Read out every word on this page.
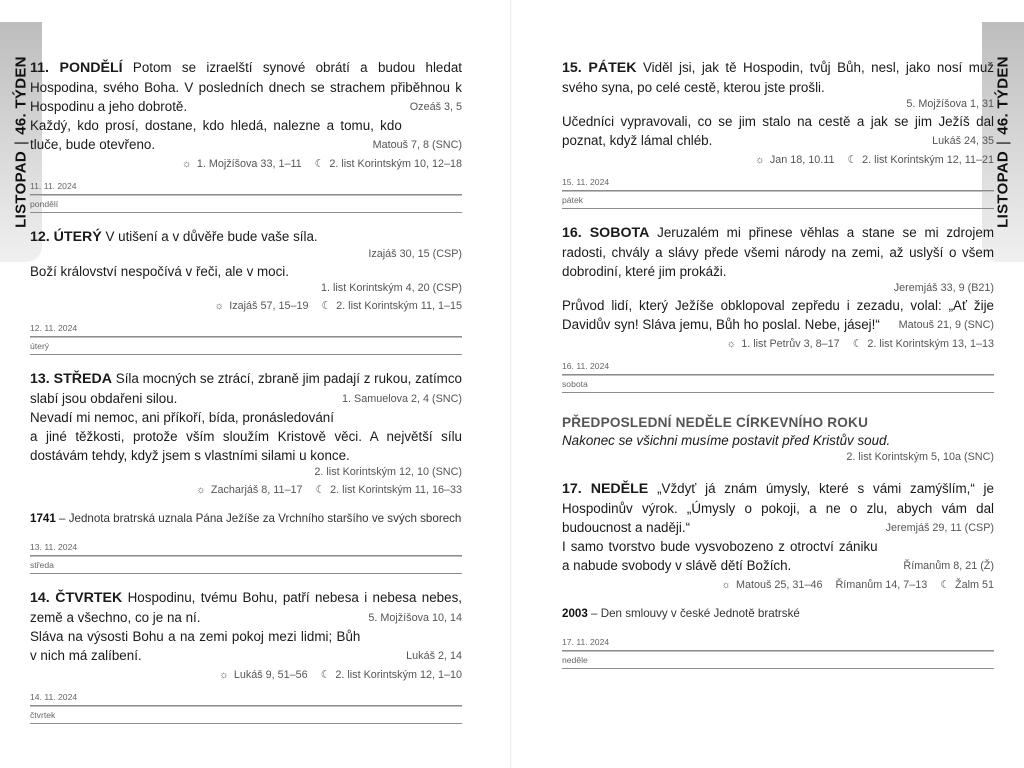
LISTOPAD|46. TÝDEN 11. PONDĚLÍ Potom se izraelští synové obrátí a budou hledat Hospodina, svého Boha. V posledních dnech se strachem přiběhnou k Hospodinu a jeho dobrotě.	Ozeáš 3, 5

Každý, kdo prosí, dostane, kdo hledá, nalezne a tomu, kdo tluče, bude otevřeno.	Matouš 7, 8 (SNC)

☼ 1. Mojžíšova 33, 1–11 ☾ 2. list Korintským 10, 12–18
11. 11. 2024
pondělí

12. ÚTERÝ V utišení a v důvěře bude vaše síla.

Izajáš 30, 15 (CSP)

Boží království nespočívá v řeči, ale v moci.

1. list Korintským 4, 20 (CSP)

☼ Izajáš 57, 15–19 ☾ 2. list Korintským 11, 1–15
12. 11. 2024
úterý

13. STŘEDA Síla mocných se ztrácí, zbraně jim padají z rukou, zatímco slabí jsou obdařeni silou.	1. Samuelova 2, 4 (SNC)

Nevadí mi nemoc, ani příkoří, bída, pronásledování a jiné těžkosti, protože vším sloužím Kristově věci. A největší sílu dostávám tehdy, když jsem s vlastními silami u konce.

2. list Korintským 12, 10 (SNC)

☼ Zacharjáš 8, 11–17 ☾ 2. list Korintským 11, 16–33

1741 – Jednota bratrská uznala Pána Ježíše za Vrchního staršího ve svých sborech

13. 11. 2024
středa

14. ČTVRTEK Hospodinu, tvému Bohu, patří nebesa i nebesa nebes, země a všechno, co je na ní.	5. Mojžíšova 10, 14

Sláva na výsosti Bohu a na zemi pokoj mezi lidmi; Bůh v nich má zalíbení.	Lukáš 2, 14

☼ Lukáš 9, 51–56 ☾ 2. list Korintským 12, 1–10
14. 11. 2024
čtvrtek
LISTOPAD|46. TÝDEN

15. PÁTEK Viděl jsi, jak tě Hospodin, tvůj Bůh, nesl, jako nosí muž svého syna, po celé cestě, kterou jste prošli.

5. Mojžíšova 1, 31

Učedníci vypravovali, co se jim stalo na cestě a jak se jim Ježíš dal poznat, když lámal chléb.	Lukáš 24, 35

☼ Jan 18, 10.11 ☾ 2. list Korintským 12, 11–21
15. 11. 2024
pátek

16. SOBOTA Jeruzalém mi přinese věhlas a stane se mi zdrojem radosti, chvály a slávy přede všemi národy na zemi, až uslyší o všem dobrodiní, které jim prokáži.

Jeremjáš 33, 9 (B21)

Průvod lidí, který Ježíše obklopoval zepředu i zezadu, volal: „Ať žije Davidův syn! Sláva jemu, Bůh ho poslal. Nebe, jásej!“ Matouš 21, 9 (SNC)

☼ 1. list Petrův 3, 8–17 ☾ 2. list Korintským 13, 1–13
16. 11. 2024
sobota
PŘEDPOSLEDNÍ NEDĚLE CÍRKEVNÍHO ROKU

Nakonec se všichni musíme postavit před Kristův soud.

2. list Korintským 5, 10a (SNC)

17. NEDĚLE „Vždyť já znám úmysly, které s vámi zamýšlím,“ je Hospodinův výrok. „Úmysly o pokoji, a ne o zlu, abych vám dal budoucnost a naději.“	Jeremjáš 29, 11 (CSP)

I samo tvorstvo bude vysvobozeno z otroctví zániku a nabude svobody v slávě dětí Božích.	Římanům 8, 21 (Ž)

☼ Matouš 25, 31–46 Římanům 14, 7–13 ☾ Žalm 51

2003 – Den smlouvy v české Jednotě bratrské

17. 11. 2024
neděle
